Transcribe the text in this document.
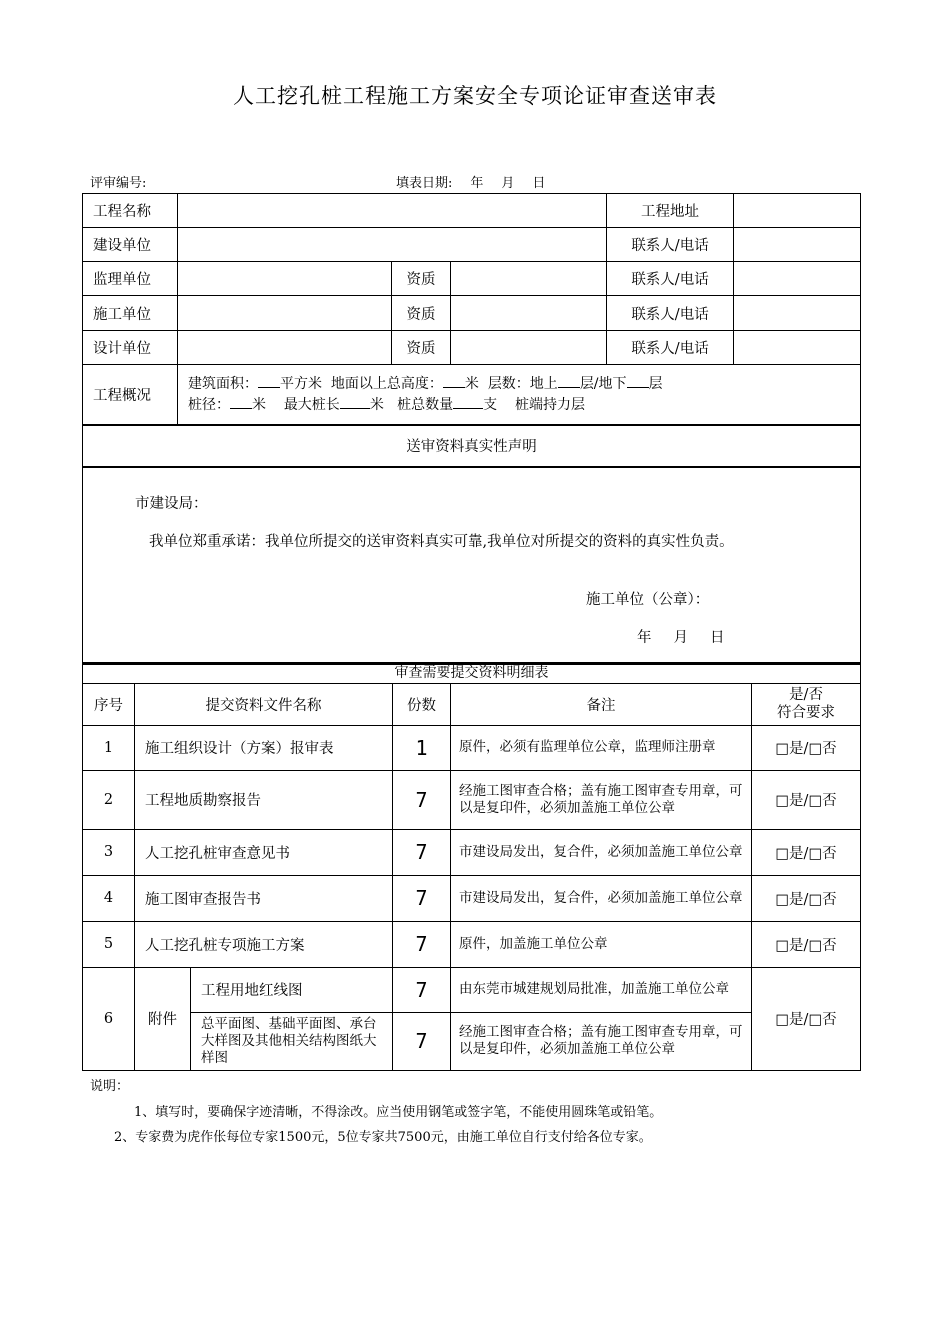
人工挖孔桩工程施工方案安全专项论证审查送审表
评审编号:	填表日期: 年 月 日
工程名称				工程地址	
建设单位				联系人/电话	
监理单位		资质		联系人/电话	
施工单位		资质		联系人/电话	
设计单位		资质		联系人/电话	
工程概况	建筑面积： 平方米 地面以上总高度： 米 层数：地上 层/地下 层
桩径： 米 最大桩长 米 桩总数量 支 桩端持力层				

送审资料真实性声明					

市建设局：
我单位郑重承诺：我单位所提交的送审资料真实可靠,我单位对所提交的资料的真实性负责。
施工单位（公章）：
年 月 日					
审查需要提交资料明细表					
序号	提交资料文件名称		份数	备注	是/否
符合要求

1	施工组织设计（方案）报审表		1	原件，必须有监理单位公章，监理师注册章	□是/□否
2	工程地质勘察报告		7	经施工图审查合格；盖有施工图审查专用章，可以是复印件，必须加盖施工单位公章	□是/□否
3	人工挖孔桩审查意见书		7	市建设局发出，复合件，必须加盖施工单位公章	□是/□否
4	施工图审查报告书		7	市建设局发出，复合件，必须加盖施工单位公章	□是/□否
5	人工挖孔桩专项施工方案		7	原件，加盖施工单位公章	□是/□否
6	附件	工程用地红线图	7	由东莞市城建规划局批准，加盖施工单位公章	□是/□否
		总平面图、基础平面图、承台大样图及其他相关结构图纸大样图	7	经施工图审查合格；盖有施工图审查专用章，可以是复印件，必须加盖施工单位公章	
说明：
1、填写时，要确保字迹清晰，不得涂改。应当使用钢笔或签字笔，不能使用圆珠笔或铅笔。
2、专家费为虎作伥每位专家1500元，5位专家共7500元，由施工单位自行支付给各位专家。
